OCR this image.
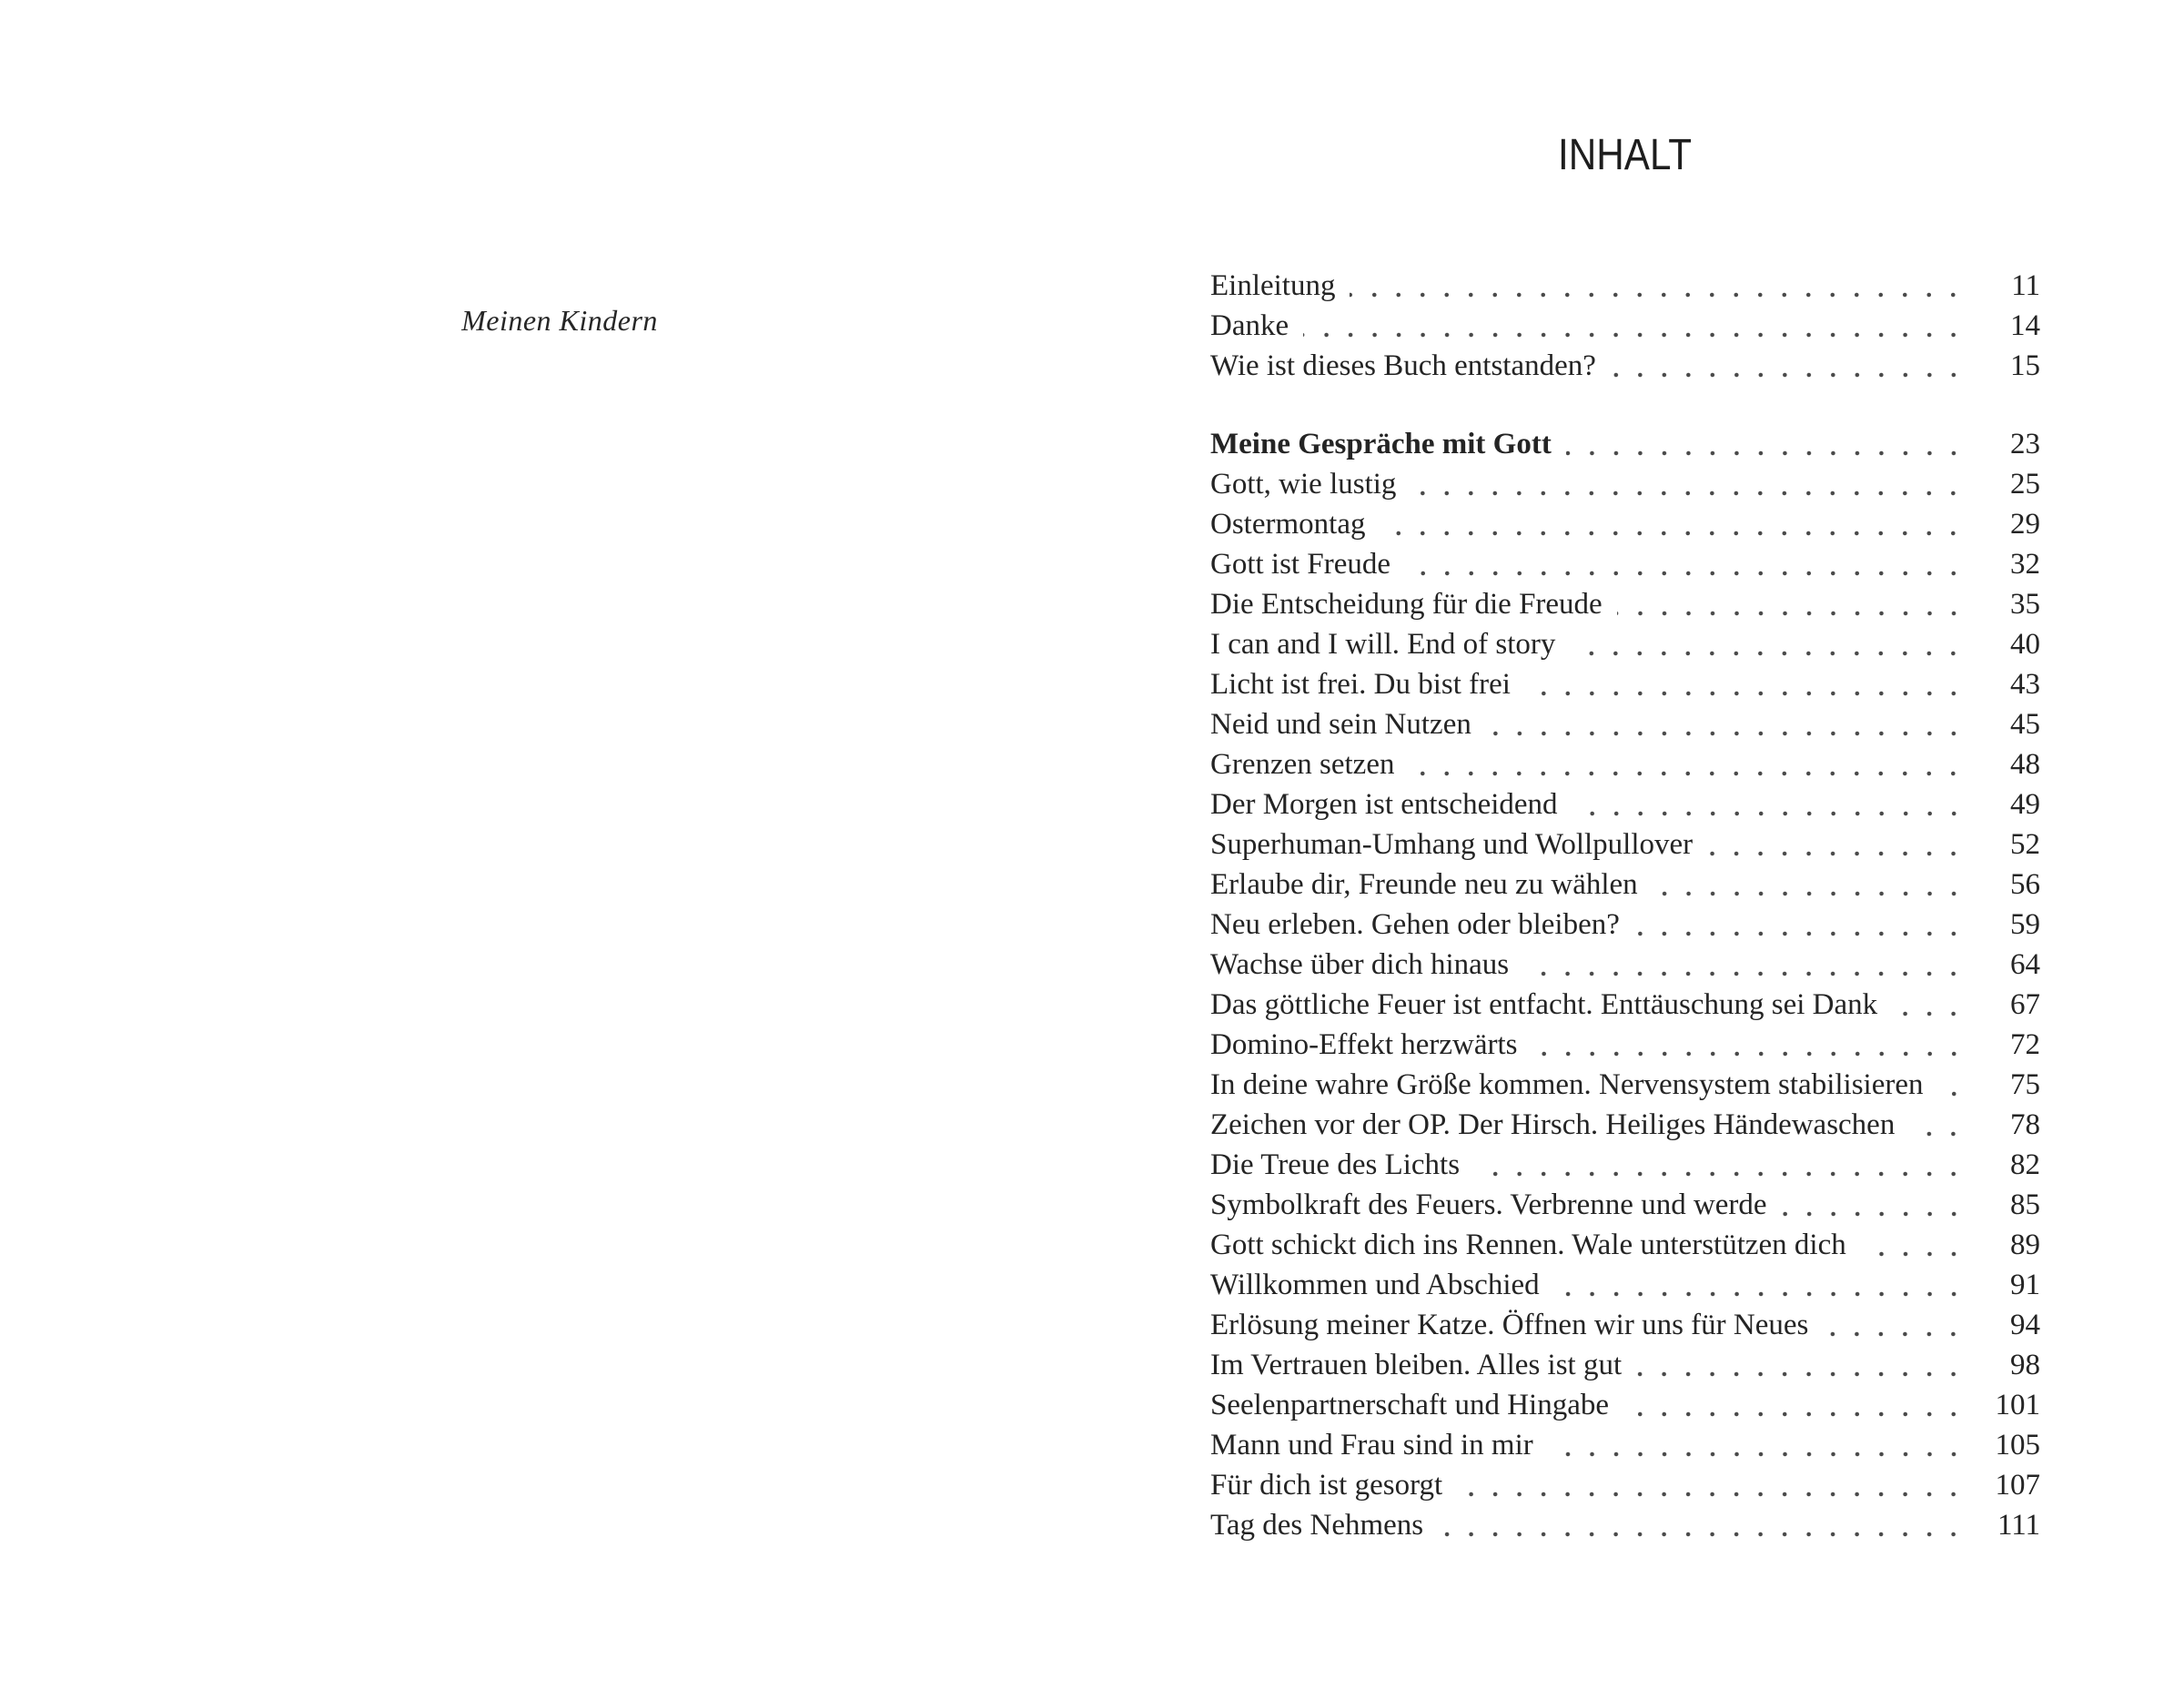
Meinen Kindern
INHALT
Einleitung	11
Danke	14
Wie ist dieses Buch entstanden?	15
Meine Gespräche mit Gott	23
Gott, wie lustig	25
Ostermontag	29
Gott ist Freude	32
Die Entscheidung für die Freude	35
I can and I will. End of story	40
Licht ist frei. Du bist frei	43
Neid und sein Nutzen	45
Grenzen setzen	48
Der Morgen ist entscheidend	49
Superhuman-Umhang und Wollpullover	52
Erlaube dir, Freunde neu zu wählen	56
Neu erleben. Gehen oder bleiben?	59
Wachse über dich hinaus	64
Das göttliche Feuer ist entfacht. Enttäuschung sei Dank	67
Domino-Effekt herzwärts	72
In deine wahre Größe kommen. Nervensystem stabilisieren	75
Zeichen vor der OP. Der Hirsch. Heiliges Händewaschen	78
Die Treue des Lichts	82
Symbolkraft des Feuers. Verbrenne und werde	85
Gott schickt dich ins Rennen. Wale unterstützen dich	89
Willkommen und Abschied	91
Erlösung meiner Katze. Öffnen wir uns für Neues	94
Im Vertrauen bleiben. Alles ist gut	98
Seelenpartnerschaft und Hingabe	101
Mann und Frau sind in mir	105
Für dich ist gesorgt	107
Tag des Nehmens	111
